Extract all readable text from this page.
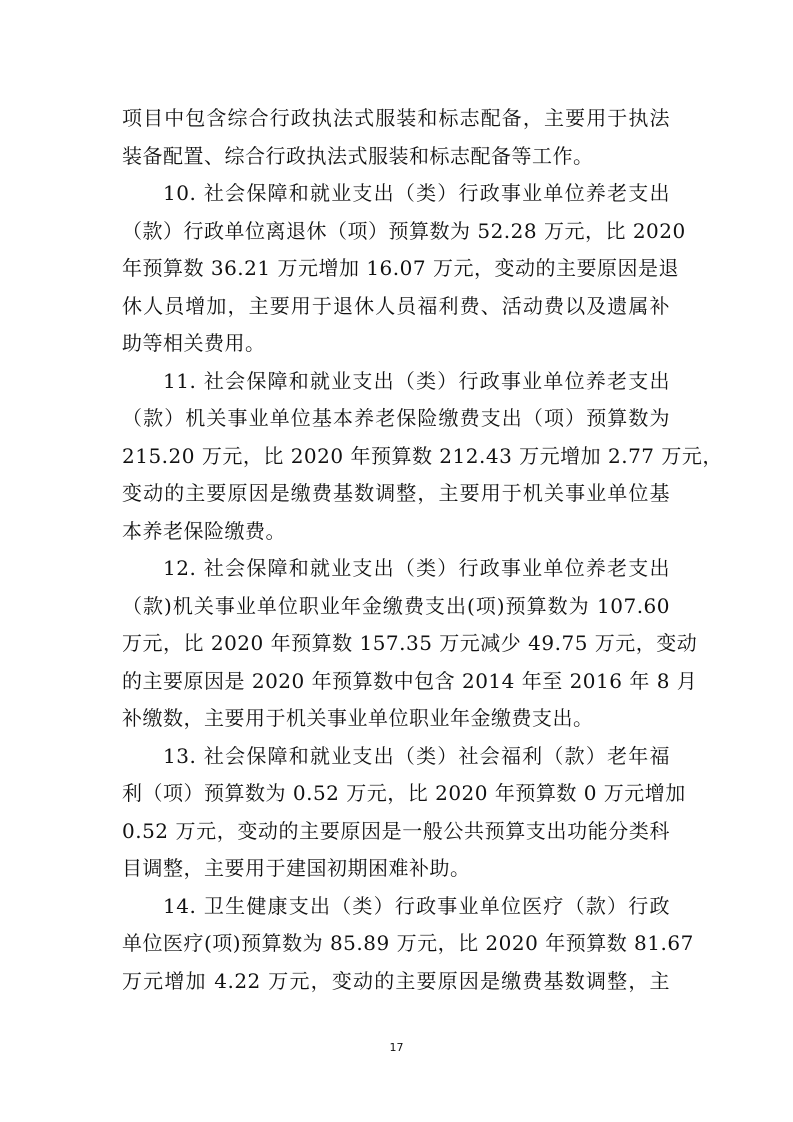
项目中包含综合行政执法式服装和标志配备，主要用于执法
装备配置、综合行政执法式服装和标志配备等工作。
10. 社会保障和就业支出（类）行政事业单位养老支出
（款）行政单位离退休（项）预算数为 52.28 万元，比 2020
年预算数 36.21 万元增加 16.07 万元，变动的主要原因是退
休人员增加，主要用于退休人员福利费、活动费以及遗属补
助等相关费用。
11. 社会保障和就业支出（类）行政事业单位养老支出
（款）机关事业单位基本养老保险缴费支出（项）预算数为
215.20 万元，比 2020 年预算数 212.43 万元增加 2.77 万元，
变动的主要原因是缴费基数调整，主要用于机关事业单位基
本养老保险缴费。
12. 社会保障和就业支出（类）行政事业单位养老支出
（款)机关事业单位职业年金缴费支出(项)预算数为 107.60
万元，比 2020 年预算数 157.35 万元减少 49.75 万元，变动
的主要原因是 2020 年预算数中包含 2014 年至 2016 年 8 月
补缴数，主要用于机关事业单位职业年金缴费支出。
13. 社会保障和就业支出（类）社会福利（款）老年福
利（项）预算数为 0.52 万元，比 2020 年预算数 0 万元增加
0.52 万元，变动的主要原因是一般公共预算支出功能分类科
目调整，主要用于建国初期困难补助。
14. 卫生健康支出（类）行政事业单位医疗（款）行政
单位医疗(项)预算数为 85.89 万元，比 2020 年预算数 81.67
万元增加 4.22 万元，变动的主要原因是缴费基数调整，主
17
